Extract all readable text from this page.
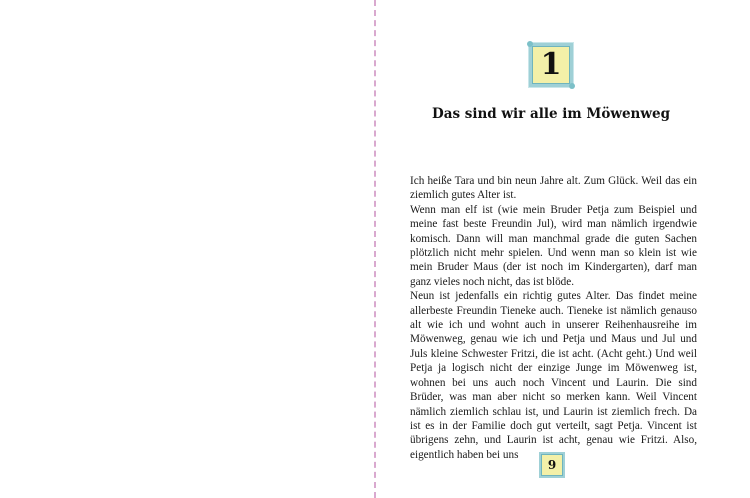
1
Das sind wir alle im Möwenweg

Ich heiße Tara und bin neun Jahre alt. Zum Glück. Weil das ein ziemlich gutes Alter ist.

Wenn man elf ist (wie mein Bruder Petja zum Beispiel und meine fast beste Freundin Jul), wird man nämlich irgendwie komisch. Dann will man manchmal grade die guten Sachen plötzlich nicht mehr spielen. Und wenn man so klein ist wie mein Bruder Maus (der ist noch im Kindergarten), darf man ganz vieles noch nicht, das ist blöde.

Neun ist jedenfalls ein richtig gutes Alter. Das findet meine allerbeste Freundin Tieneke auch. Tieneke ist nämlich genauso alt wie ich und wohnt auch in unserer Reihenhausreihe im Möwenweg, genau wie ich und Petja und Maus und Jul und Juls kleine Schwester Fritzi, die ist acht. (Acht geht.) Und weil Petja ja logisch nicht der einzige Junge im Möwenweg ist, wohnen bei uns auch noch Vincent und Laurin. Die sind Brüder, was man aber nicht so merken kann. Weil Vincent nämlich ziemlich schlau ist, und Laurin ist ziemlich frech. Da ist es in der Familie doch gut verteilt, sagt Petja. Vincent ist übrigens zehn, und Laurin ist acht, genau wie Fritzi. Also, eigentlich haben bei uns

9
